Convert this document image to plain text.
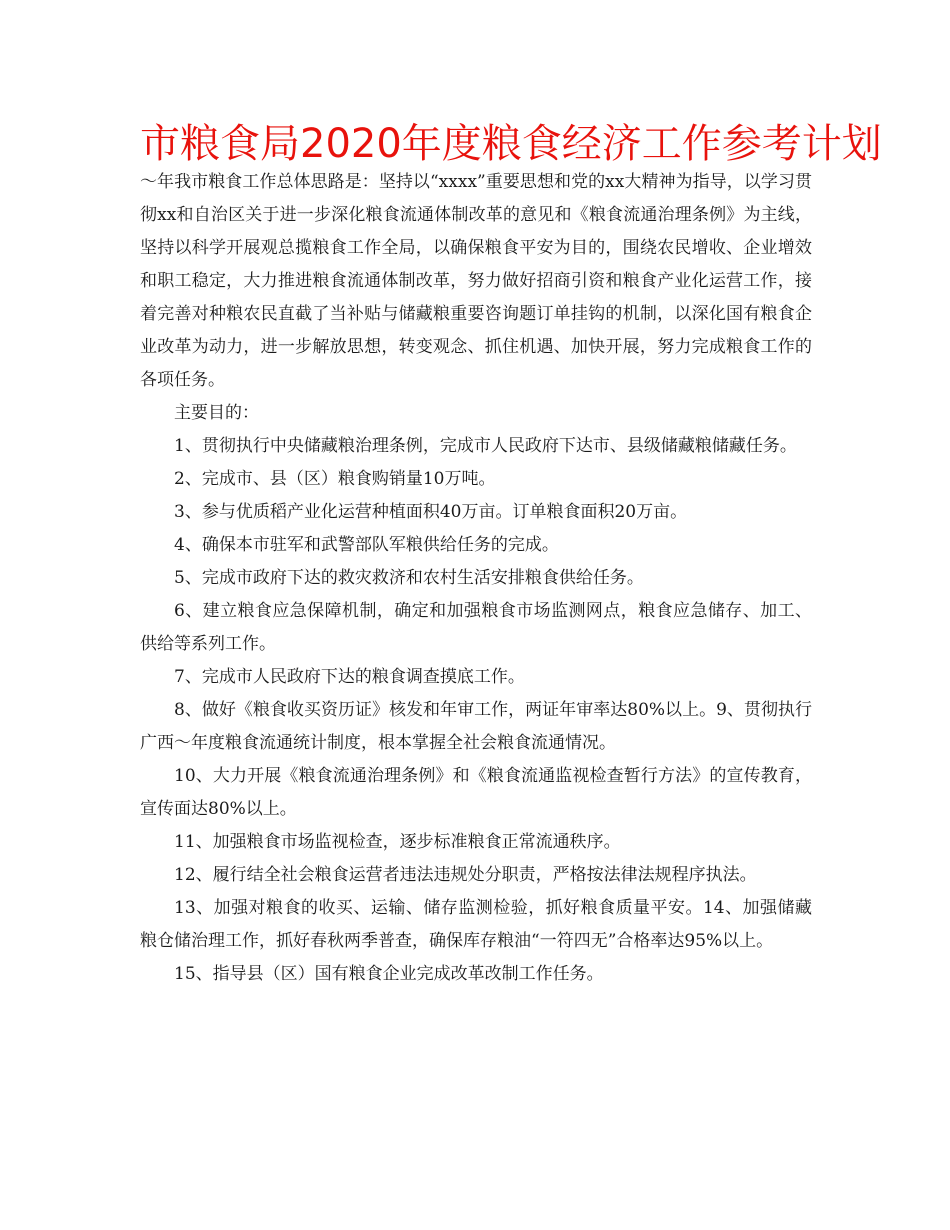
市粮食局2020年度粮食经济工作参考计划

～年我市粮食工作总体思路是：坚持以“xxxx”重要思想和党的xx大精神为指导，以学习贯彻xx和自治区关于进一步深化粮食流通体制改革的意见和《粮食流通治理条例》为主线，坚持以科学开展观总揽粮食工作全局，以确保粮食平安为目的，围绕农民增收、企业增效和职工稳定，大力推进粮食流通体制改革，努力做好招商引资和粮食产业化运营工作，接着完善对种粮农民直截了当补贴与储藏粮重要咨询题订单挂钩的机制，以深化国有粮食企业改革为动力，进一步解放思想，转变观念、抓住机遇、加快开展，努力完成粮食工作的各项任务。

主要目的：

1、贯彻执行中央储藏粮治理条例，完成市人民政府下达市、县级储藏粮储藏任务。

2、完成市、县（区）粮食购销量10万吨。

3、参与优质稻产业化运营种植面积40万亩。订单粮食面积20万亩。

4、确保本市驻军和武警部队军粮供给任务的完成。

5、完成市政府下达的救灾救济和农村生活安排粮食供给任务。

6、建立粮食应急保障机制，确定和加强粮食市场监测网点，粮食应急储存、加工、供给等系列工作。

7、完成市人民政府下达的粮食调查摸底工作。

8、做好《粮食收买资历证》核发和年审工作，两证年审率达80%以上。9、贯彻执行广西～年度粮食流通统计制度，根本掌握全社会粮食流通情况。

10、大力开展《粮食流通治理条例》和《粮食流通监视检查暂行方法》的宣传教育，宣传面达80%以上。

11、加强粮食市场监视检查，逐步标准粮食正常流通秩序。

12、履行结全社会粮食运营者违法违规处分职责，严格按法律法规程序执法。

13、加强对粮食的收买、运输、储存监测检验，抓好粮食质量平安。14、加强储藏粮仓储治理工作，抓好春秋两季普查，确保库存粮油“一符四无”合格率达95%以上。

15、指导县（区）国有粮食企业完成改革改制工作任务。
